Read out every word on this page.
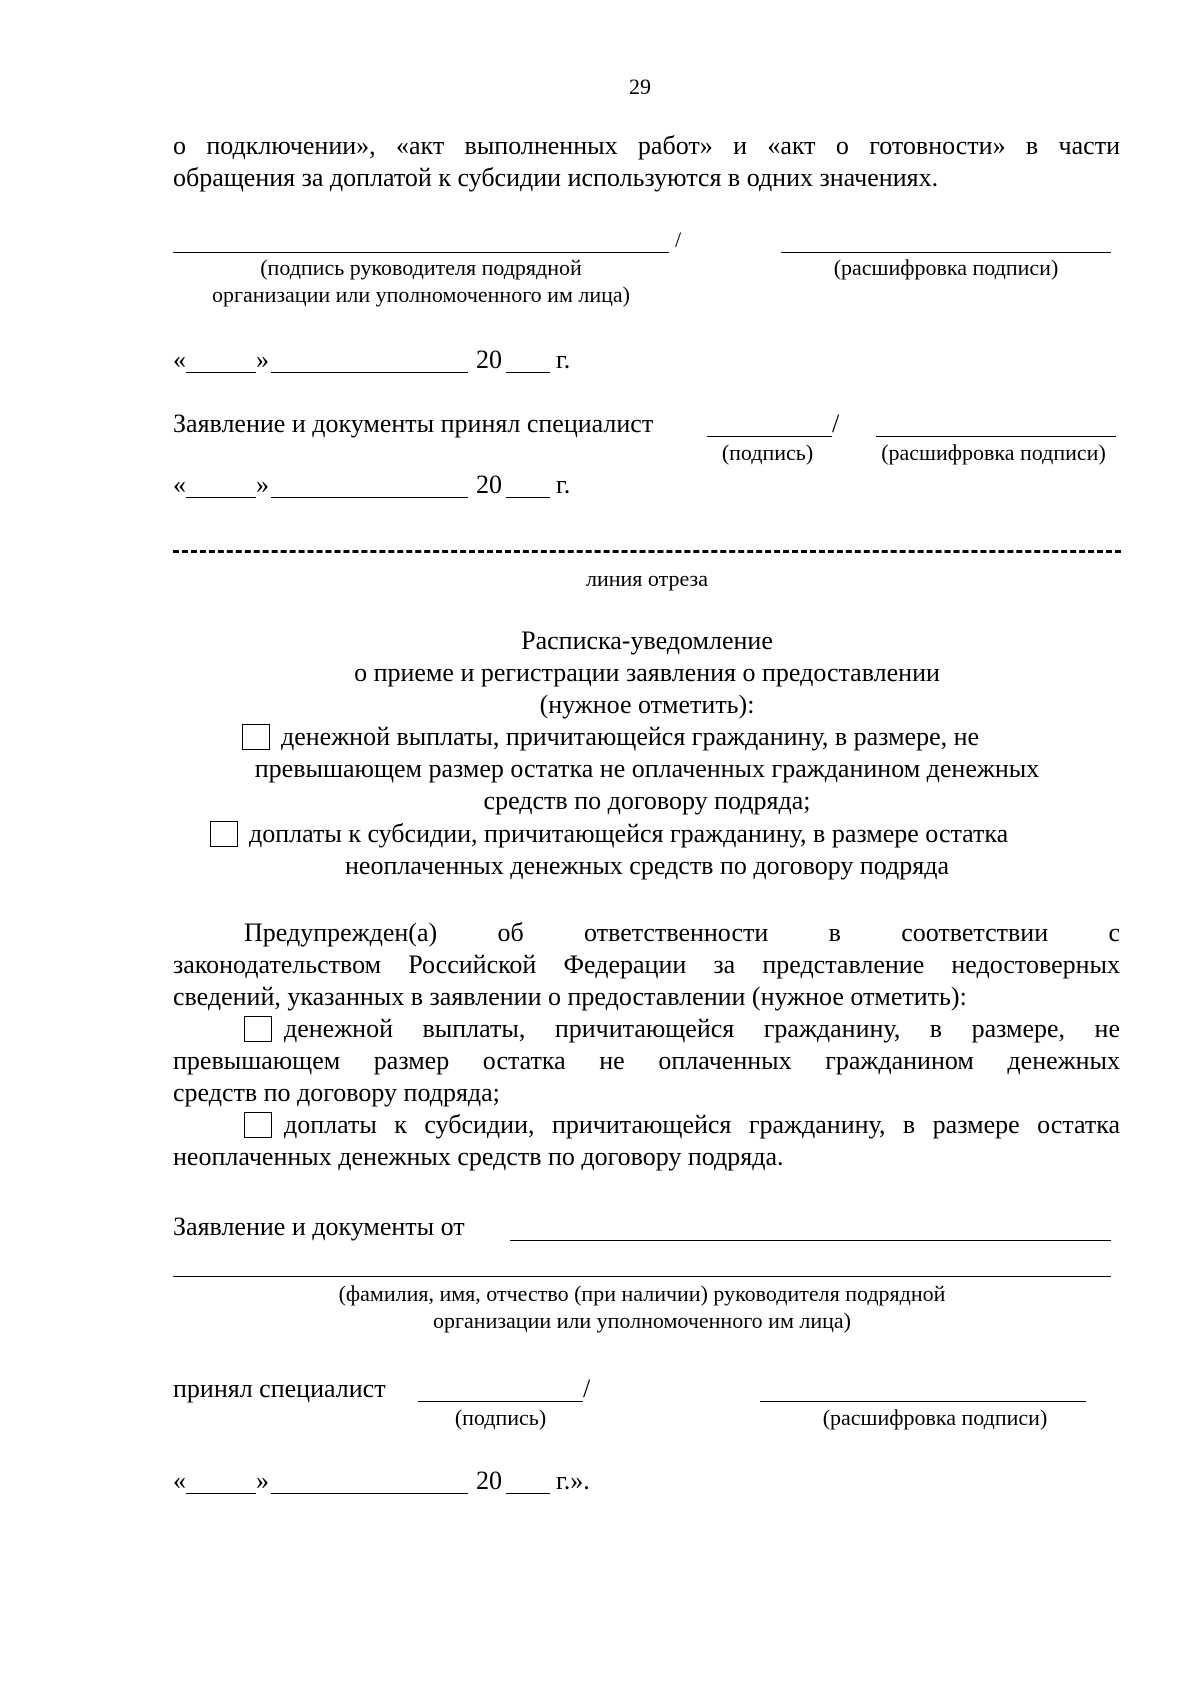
29
о подключении», «акт выполненных работ» и «акт о готовности» в части
обращения за доплатой к субсидии используются в одних значениях.
/
(подпись руководителя подрядной
организации или уполномоченного им лица)
(расшифровка подписи)
«	»	20 г.
Заявление и документы принял специалист	/
(подпись)	(расшифровка подписи)
«	»	20 г.
линия отреза
Расписка-уведомление
о приеме и регистрации заявления о предоставлении
(нужное отметить):
денежной выплаты, причитающейся гражданину, в размере, не
превышающем размер остатка не оплаченных гражданином денежных
средств по договору подряда;
доплаты к субсидии, причитающейся гражданину, в размере остатка
неоплаченных денежных средств по договору подряда
Предупрежден(а) об ответственности в соответствии с
законодательством Российской Федерации за представление недостоверных
сведений, указанных в заявлении о предоставлении (нужное отметить):
денежной выплаты, причитающейся гражданину, в размере, не
превышающем размер остатка не оплаченных гражданином денежных
средств по договору подряда;
доплаты к субсидии, причитающейся гражданину, в размере остатка
неоплаченных денежных средств по договору подряда.
Заявление и документы от
(фамилия, имя, отчество (при наличии) руководителя подрядной
организации или уполномоченного им лица)
принял специалист	/
(подпись)	(расшифровка подписи)
«	»	20 г.».
